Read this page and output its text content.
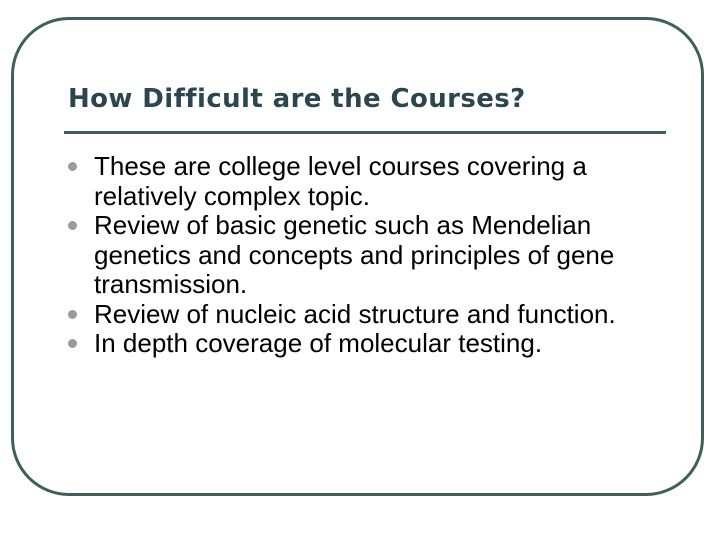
How Difficult are the Courses?
These are college level courses covering a relatively complex topic.
Review of basic genetic such as Mendelian genetics and concepts and principles of gene transmission.
Review of nucleic acid structure and function.
In depth coverage of molecular testing.
